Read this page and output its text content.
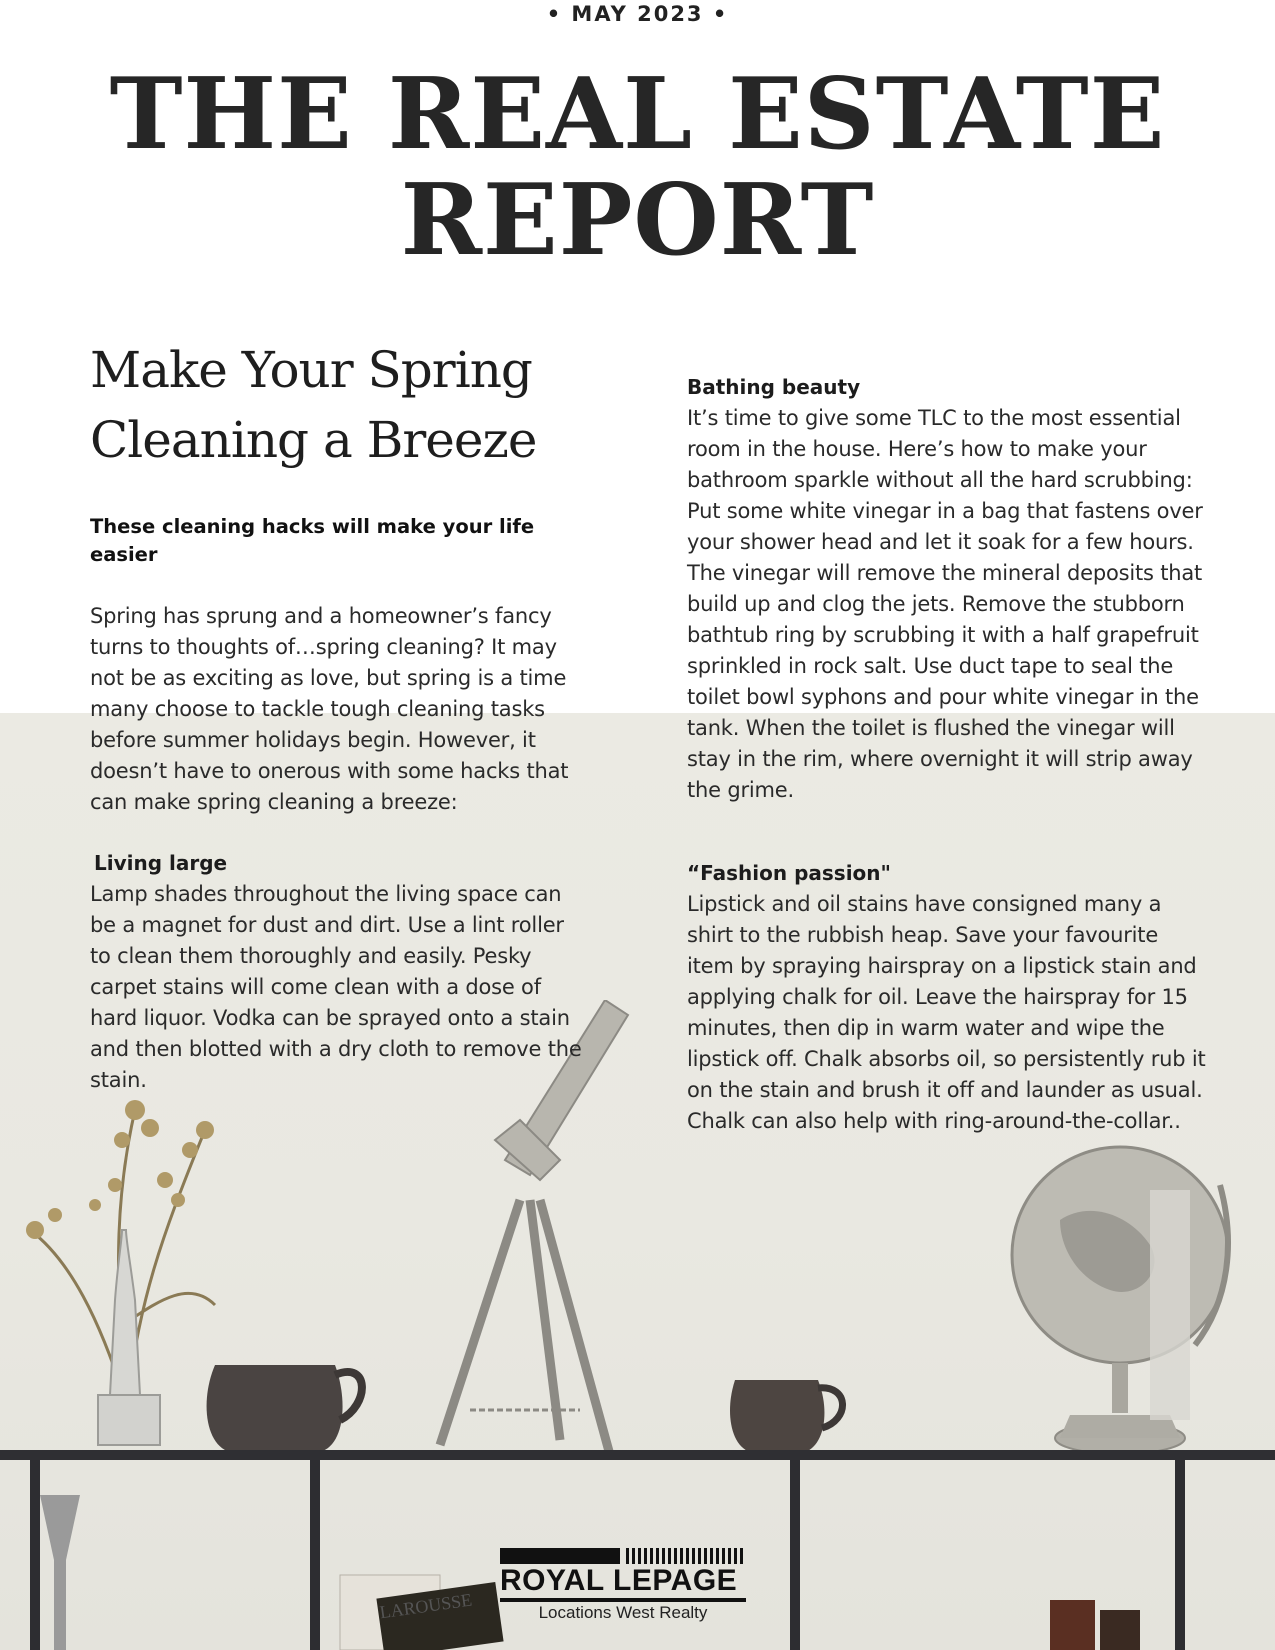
LAROUSSE
• MAY 2023 •
THE REAL ESTATE
REPORT
Make Your Spring
Cleaning a Breeze

These cleaning hacks will make your life easier

Spring has sprung and a homeowner’s fancy turns to thoughts of…spring cleaning? It may not be as exciting as love, but spring is a time many choose to tackle tough cleaning tasks before summer holidays begin. However, it doesn’t have to onerous with some hacks that can make spring cleaning a breeze:

Living large

Lamp shades throughout the living space can be a magnet for dust and dirt. Use a lint roller to clean them thoroughly and easily. Pesky carpet stains will come clean with a dose of hard liquor. Vodka can be sprayed onto a stain and then blotted with a dry cloth to remove the stain.

Bathing beauty

It’s time to give some TLC to the most essential room in the house. Here’s how to make your bathroom sparkle without all the hard scrubbing: Put some white vinegar in a bag that fastens over your shower head and let it soak for a few hours. The vinegar will remove the mineral deposits that build up and clog the jets. Remove the stubborn bathtub ring by scrubbing it with a half grapefruit sprinkled in rock salt. Use duct tape to seal the toilet bowl syphons and pour white vinegar in the tank. When the toilet is flushed the vinegar will stay in the rim, where overnight it will strip away the grime.

“Fashion passion"

Lipstick and oil stains have consigned many a shirt to the rubbish heap. Save your favourite item by spraying hairspray on a lipstick stain and applying chalk for oil. Leave the hairspray for 15 minutes, then dip in warm water and wipe the lipstick off. Chalk absorbs oil, so persistently rub it on the stain and brush it off and launder as usual. Chalk can also help with ring-around-the-collar..

ROYAL LEPAGE
Locations West Realty
